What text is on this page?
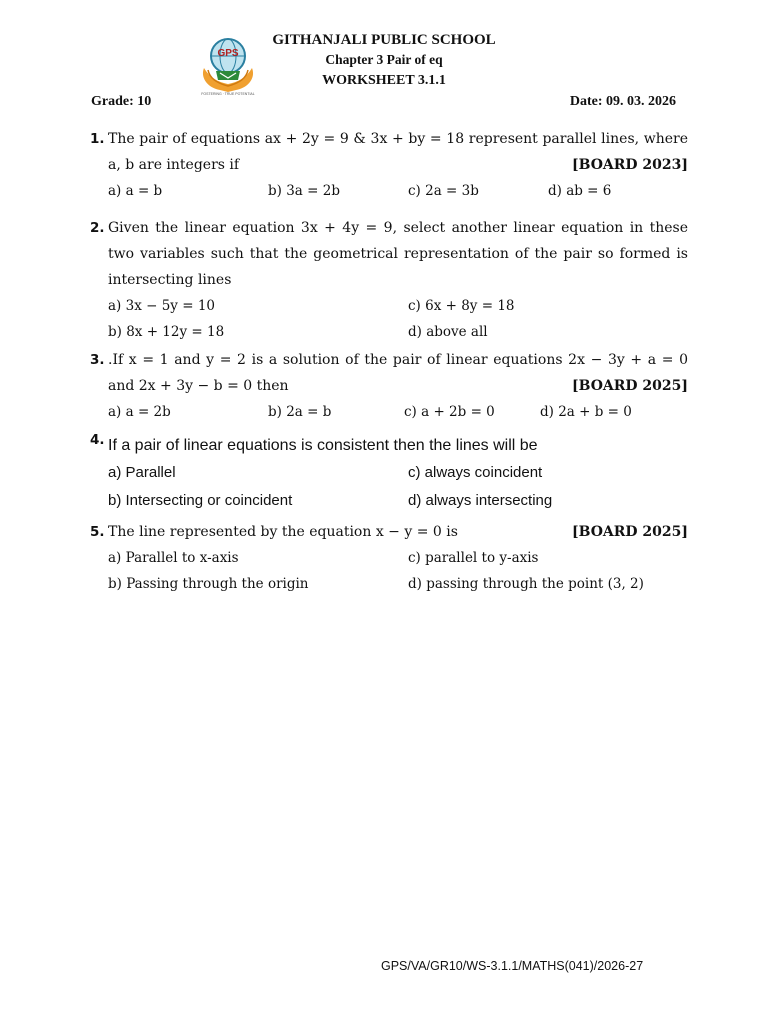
FOSTERING · TRUE POTENTIAL
GPS
GITHANJALI PUBLIC SCHOOL
Chapter 3 Pair of eq
WORKSHEET 3.1.1
Grade: 10	Date: 09. 03. 2026
1. The pair of equations ax + 2y = 9 & 3x + by = 18 represent parallel lines, where a, b are integers if	[BOARD 2023]
a) a = b	b) 3a = 2b	c) 2a = 3b	d) ab = 6
2. Given the linear equation 3x + 4y = 9, select another linear equation in these two variables such that the geometrical representation of the pair so formed is intersecting lines
a) 3x − 5y = 10	c) 6x + 8y = 18
b) 8x + 12y = 18	d) above all
3. .If x = 1 and y = 2 is a solution of the pair of linear equations 2x − 3y + a = 0 and 2x + 3y − b = 0 then	[BOARD 2025]
a) a = 2b	b) 2a = b	c) a + 2b = 0	d) 2a + b = 0
4. If a pair of linear equations is consistent then the lines will be
a) Parallel	c) always coincident
b) Intersecting or coincident	d) always intersecting
5. The line represented by the equation x − y = 0 is	[BOARD 2025]
a) Parallel to x-axis	c) parallel to y-axis
b) Passing through the origin	d) passing through the point (3, 2)
GPS/VA/GR10/WS-3.1.1/MATHS(041)/2026-27
